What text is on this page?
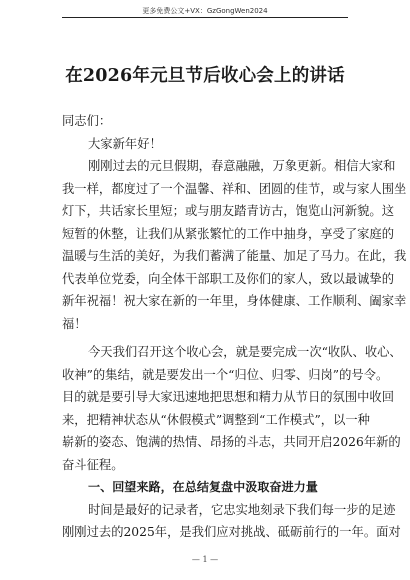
更多免费公文+VX：GzGongWen2024
在2026年元旦节后收心会上的讲话
同志们：
大家新年好！
刚刚过去的元旦假期，春意融融，万象更新。相信大家和
我一样，都度过了一个温馨、祥和、团圆的佳节，或与家人围坐
灯下，共话家长里短；或与朋友踏青访古，饱览山河新貌。这
短暂的休整，让我们从紧张繁忙的工作中抽身，享受了家庭的
温暖与生活的美好，为我们蓄满了能量、加足了马力。在此，我
代表单位党委，向全体干部职工及你们的家人，致以最诚挚的
新年祝福！祝大家在新的一年里，身体健康、工作顺利、阖家幸
福！
今天我们召开这个收心会，就是要完成一次“收队、收心、
收神”的集结，就是要发出一个“归位、归零、归岗”的号令。
目的就是要引导大家迅速地把思想和精力从节日的氛围中收回
来，把精神状态从“休假模式”调整到“工作模式”，以一种
崭新的姿态、饱满的热情、昂扬的斗志，共同开启2026年新的
奋斗征程。
一、回望来路，在总结复盘中汲取奋进力量
时间是最好的记录者，它忠实地刻录下我们每一步的足迹
刚刚过去的2025年，是我们应对挑战、砥砺前行的一年。面对
— 1 —
